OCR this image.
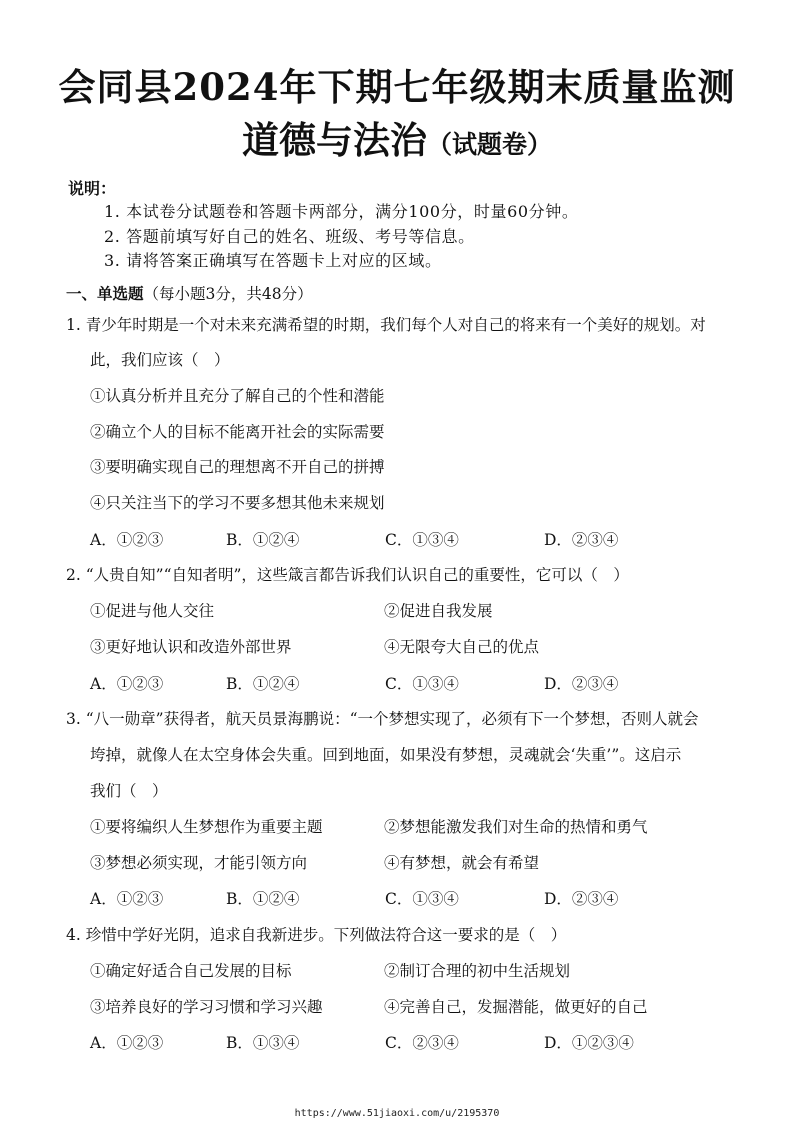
会同县2024年下期七年级期末质量监测
道德与法治（试题卷）
说明：
1. 本试卷分试题卷和答题卡两部分，满分100分，时量60分钟。
2. 答题前填写好自己的姓名、班级、考号等信息。
3. 请将答案正确填写在答题卡上对应的区域。
一、单选题（每小题3分，共48分）
1. 青少年时期是一个对未来充满希望的时期，我们每个人对自己的将来有一个美好的规划。对
此，我们应该（　）
①认真分析并且充分了解自己的个性和潜能
②确立个人的目标不能离开社会的实际需要
③要明确实现自己的理想离不开自己的拼搏
④只关注当下的学习不要多想其他未来规划
A．①②③	B．①②④	C．①③④	D．②③④
2. “人贵自知”“自知者明”，这些箴言都告诉我们认识自己的重要性，它可以（　）
①促进与他人交往	②促进自我发展
③更好地认识和改造外部世界	④无限夸大自己的优点
A．①②③	B．①②④	C．①③④	D．②③④
3. “八一勋章”获得者，航天员景海鹏说：“一个梦想实现了，必须有下一个梦想，否则人就会
垮掉，就像人在太空身体会失重。回到地面，如果没有梦想，灵魂就会‘失重’”。这启示
我们（　）
①要将编织人生梦想作为重要主题	②梦想能激发我们对生命的热情和勇气
③梦想必须实现，才能引领方向	④有梦想，就会有希望
A．①②③	B．①②④	C．①③④	D．②③④
4. 珍惜中学好光阴，追求自我新进步。下列做法符合这一要求的是（　）
①确定好适合自己发展的目标	②制订合理的初中生活规划
③培养良好的学习习惯和学习兴趣	④完善自己，发掘潜能，做更好的自己
A．①②③	B．①③④	C．②③④	D．①②③④
https://www.51jiaoxi.com/u/2195370
